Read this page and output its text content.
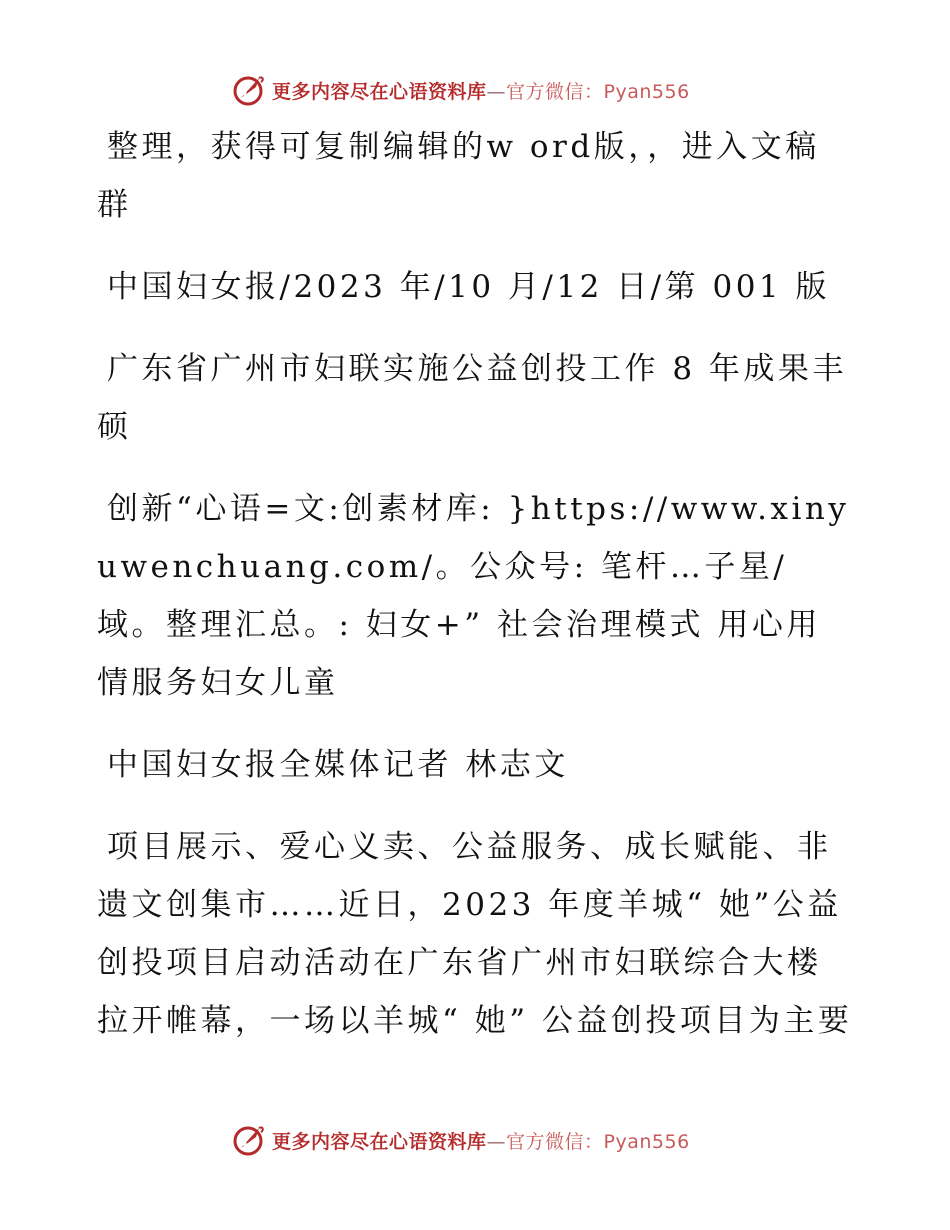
更多内容尽在心语资料库—官方微信：Pyan556

整理，获得可复制编辑的w ord版，，进入文稿群

中国妇女报/2023 年/10 月/12 日/第 001 版

广东省广州市妇联实施公益创投工作 8 年成果丰硕

创新“心语=文:创素材库: }https://www.xinyuwenchuang.com/。公众号: 笔杆…子星/域。整理汇总。: 妇女+” 社会治理模式 用心用情服务妇女儿童

中国妇女报全媒体记者 林志文

项目展示、爱心义卖、公益服务、成长赋能、非遗文创集市……近日，2023 年度羊城“ 她”公益创投项目启动活动在广东省广州市妇联综合大楼拉开帷幕，一场以羊城“ 她” 公益创投项目为主要

更多内容尽在心语资料库—官方微信：Pyan556
